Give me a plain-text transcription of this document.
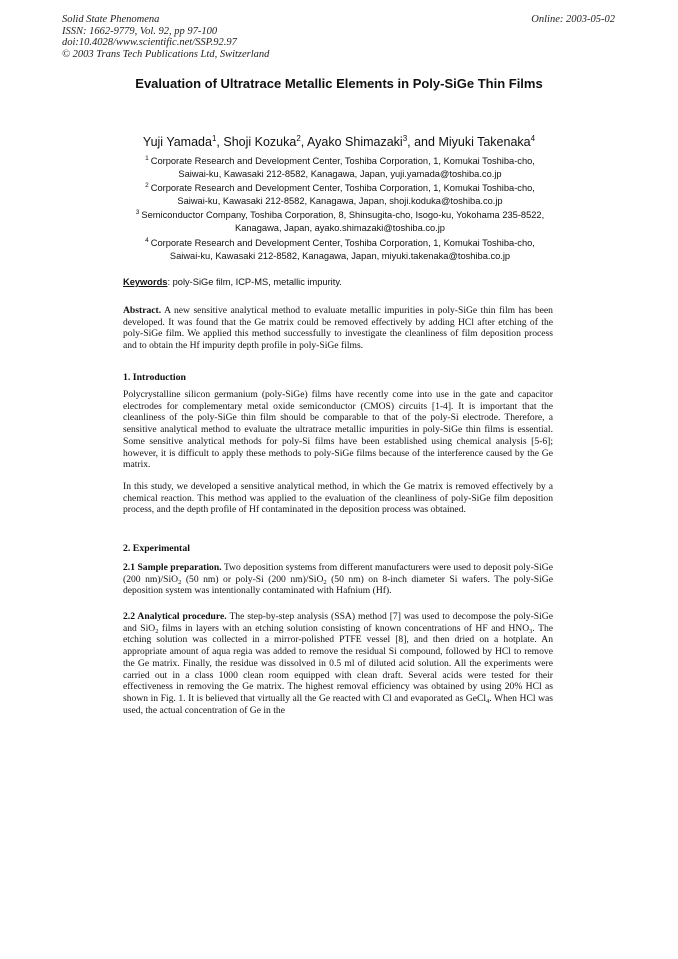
Solid State Phenomena
ISSN: 1662-9779, Vol. 92, pp 97-100
doi:10.4028/www.scientific.net/SSP.92.97
© 2003 Trans Tech Publications Ltd, Switzerland
Online: 2003-05-02
Evaluation of Ultratrace Metallic Elements in Poly-SiGe Thin Films
Yuji Yamada$^1$, Shoji Kozuka$^2$, Ayako Shimazaki$^3$, and Miyuki Takenaka$^4$
$^1$ Corporate Research and Development Center, Toshiba Corporation, 1, Komukai Toshiba-cho,
Saiwai-ku, Kawasaki 212-8582, Kanagawa, Japan, yuji.yamada@toshiba.co.jp
$^2$ Corporate Research and Development Center, Toshiba Corporation, 1, Komukai Toshiba-cho,
Saiwai-ku, Kawasaki 212-8582, Kanagawa, Japan, shoji.koduka@toshiba.co.jp
$^3$ Semiconductor Company, Toshiba Corporation, 8, Shinsugita-cho, Isogo-ku, Yokohama 235-8522,
Kanagawa, Japan, ayako.shimazaki@toshiba.co.jp
$^4$ Corporate Research and Development Center, Toshiba Corporation, 1, Komukai Toshiba-cho,
Saiwai-ku, Kawasaki 212-8582, Kanagawa, Japan, miyuki.takenaka@toshiba.co.jp
Keywords: poly-SiGe film, ICP-MS, metallic impurity.
Abstract. A new sensitive analytical method to evaluate metallic impurities in poly-SiGe thin film has been developed. It was found that the Ge matrix could be removed effectively by adding HCl after etching of the poly-SiGe film. We applied this method successfully to investigate the cleanliness of film deposition process and to obtain the Hf impurity depth profile in poly-SiGe films.
1. Introduction
Polycrystalline silicon germanium (poly-SiGe) films have recently come into use in the gate and capacitor electrodes for complementary metal oxide semiconductor (CMOS) circuits [1-4]. It is important that the cleanliness of the poly-SiGe thin film should be comparable to that of the poly-Si electrode. Therefore, a sensitive analytical method to evaluate the ultratrace metallic impurities in poly-SiGe thin films is essential. Some sensitive analytical methods for poly-Si films have been established using chemical analysis [5-6]; however, it is difficult to apply these methods to poly-SiGe films because of the interference caused by the Ge matrix.
In this study, we developed a sensitive analytical method, in which the Ge matrix is removed effectively by a chemical reaction. This method was applied to the evaluation of the cleanliness of poly-SiGe film deposition process, and the depth profile of Hf contaminated in the deposition process was obtained.
2. Experimental
2.1 Sample preparation. Two deposition systems from different manufacturers were used to deposit poly-SiGe (200 nm)/SiO$_2$ (50 nm) or poly-Si (200 nm)/SiO$_2$ (50 nm) on 8-inch diameter Si wafers. The poly-SiGe deposition system was intentionally contaminated with Hafnium (Hf).
2.2 Analytical procedure. The step-by-step analysis (SSA) method [7] was used to decompose the poly-SiGe and SiO$_2$ films in layers with an etching solution consisting of known concentrations of HF and $HNO_3$. The etching solution was collected in a mirror-polished PTFE vessel [8], and then dried on a hotplate. An appropriate amount of aqua regia was added to remove the residual Si compound, followed by HCl to remove the Ge matrix. Finally, the residue was dissolved in 0.5 ml of diluted acid solution. All the experiments were carried out in a class 1000 clean room equipped with clean draft. Several acids were tested for their effectiveness in removing the Ge matrix. The highest removal efficiency was obtained by using 20% HCl as shown in Fig. 1. It is believed that virtually all the Ge reacted with Cl and evaporated as GeCl$_4$. When HCl was used, the actual concentration of Ge in the
